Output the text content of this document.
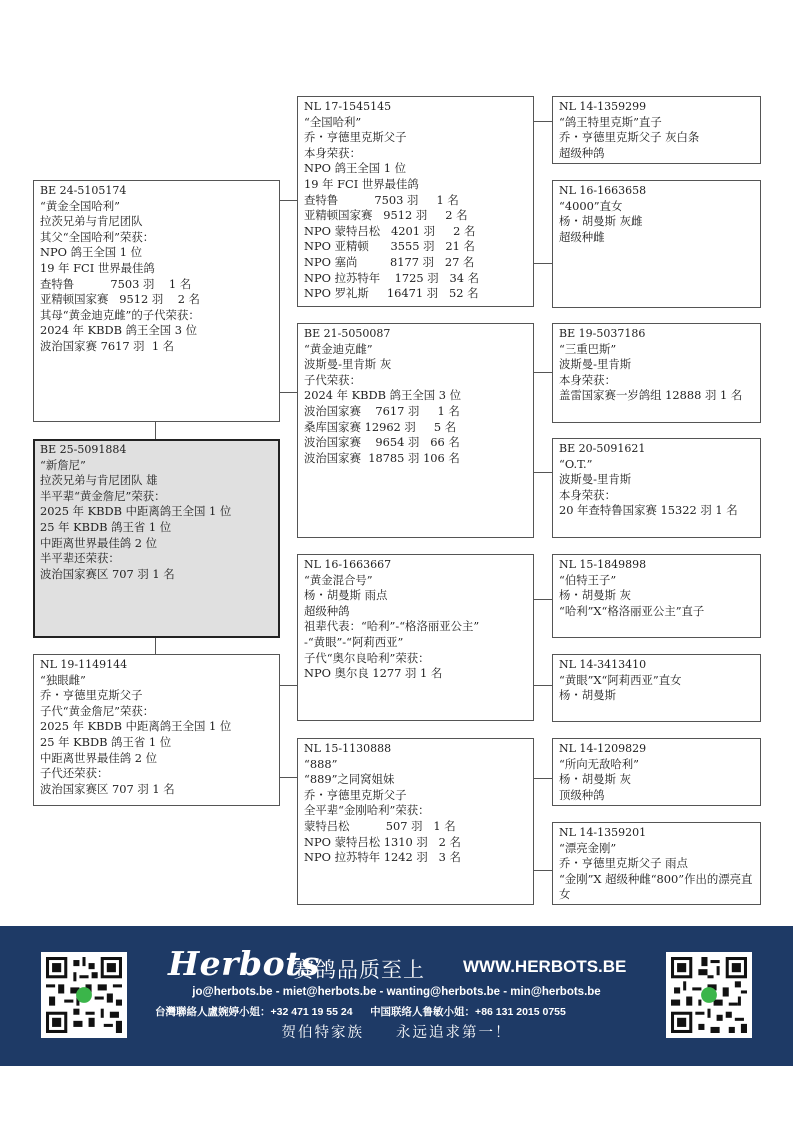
BE 25-5091884
“新詹尼”
拉茨兄弟与肯尼团队 雄
半平辈“黄金詹尼”荣获：
2025 年 KBDB 中距离鸽王全国 1 位
25 年 KBDB 鸽王省 1 位
中距离世界最佳鸽 2 位
半平辈还荣获：
波治国家赛区 707 羽 1 名
BE 24-5105174
“黄金全国哈利”
拉茨兄弟与肯尼团队
其父“全国哈利”荣获：
NPO 鸽王全国 1 位
19 年 FCI 世界最佳鸽
查特鲁          7503 羽    1 名
亚精顿国家赛   9512 羽    2 名
其母“黄金迪克雌”的子代荣获：
2024 年 KBDB 鸽王全国 3 位
波治国家赛 7617 羽  1 名
NL 19-1149144
“独眼雌”
乔・亨德里克斯父子
子代“黄金詹尼”荣获：
2025 年 KBDB 中距离鸽王全国 1 位
25 年 KBDB 鸽王省 1 位
中距离世界最佳鸽 2 位
子代还荣获：
波治国家赛区 707 羽 1 名
NL 17-1545145
“全国哈利”
乔・亨德里克斯父子
本身荣获：
NPO 鸽王全国 1 位
19 年 FCI 世界最佳鸽
查特鲁          7503 羽     1 名
亚精顿国家赛   9512 羽     2 名
NPO 蒙特吕松   4201 羽     2 名
NPO 亚精顿      3555 羽   21 名
NPO 塞尚         8177 羽   27 名
NPO 拉苏特年    1725 羽   34 名
NPO 罗礼斯     16471 羽   52 名
BE 21-5050087
“黄金迪克雌”
波斯曼-里肯斯 灰
子代荣获：
2024 年 KBDB 鸽王全国 3 位
波治国家赛    7617 羽     1 名
桑库国家赛 12962 羽     5 名
波治国家赛    9654 羽   66 名
波治国家赛  18785 羽 106 名
NL 16-1663667
“黄金混合号”
杨・胡曼斯 雨点
超级种鸽
祖辈代表：“哈利”-“格洛丽亚公主”
-“黄眼”-“阿莉西亚”
子代“奥尔良哈利”荣获：
NPO 奥尔良 1277 羽 1 名
NL 15-1130888
“888”
“889”之同窝姐妹
乔・亨德里克斯父子
全平辈“金刚哈利”荣获：
蒙特吕松          507 羽   1 名
NPO 蒙特吕松 1310 羽   2 名
NPO 拉苏特年 1242 羽   3 名
NL 14-1359299
“鸽王特里克斯”直子
乔・亨德里克斯父子 灰白条
超级种鸽
NL 16-1663658
“4000”直女
杨・胡曼斯 灰雌
超级种雌
BE 19-5037186
“三重巴斯”
波斯曼-里肯斯
本身荣获：
盖雷国家赛一岁鸽组 12888 羽 1 名
BE 20-5091621
“O.T.”
波斯曼-里肯斯
本身荣获：
20 年查特鲁国家赛 15322 羽 1 名
NL 15-1849898
“伯特王子”
杨・胡曼斯 灰
“哈利”X“格洛丽亚公主”直子
NL 14-3413410
“黄眼”X“阿莉西亚”直女
杨・胡曼斯
NL 14-1209829
“所向无敌哈利”
杨・胡曼斯 灰
顶级种鸽
NL 14-1359201
“漂亮金刚”
乔・亨德里克斯父子 雨点
“金刚”X 超级种雌“800”作出的漂亮直女
Herbots
赛鸽品质至上 WWW.HERBOTS.BE
jo@herbots.be - miet@herbots.be - wanting@herbots.be - min@herbots.be
台灣聯絡人盧婉婷小姐：+32 471 19 55 24 中国联络人鲁敏小姐：+86 131 2015 0755
贺伯特家族 永远追求第一！
